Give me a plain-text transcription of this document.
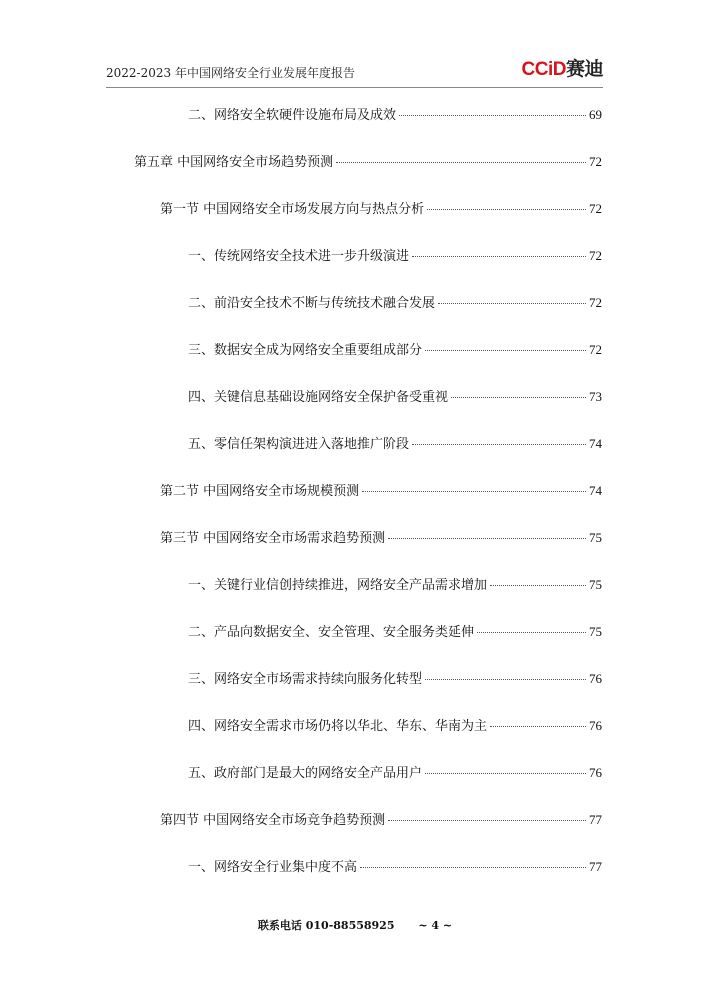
2022-2023 年中国网络安全行业发展年度报告	CCiD赛迪
二、网络安全软硬件设施布局及成效	69
第五章 中国网络安全市场趋势预测	72
第一节 中国网络安全市场发展方向与热点分析	72
一、传统网络安全技术进一步升级演进	72
二、前沿安全技术不断与传统技术融合发展	72
三、数据安全成为网络安全重要组成部分	72
四、关键信息基础设施网络安全保护备受重视	73
五、零信任架构演进进入落地推广阶段	74
第二节 中国网络安全市场规模预测	74
第三节 中国网络安全市场需求趋势预测	75
一、关键行业信创持续推进，网络安全产品需求增加	75
二、产品向数据安全、安全管理、安全服务类延伸	75
三、网络安全市场需求持续向服务化转型	76
四、网络安全需求市场仍将以华北、华东、华南为主	76
五、政府部门是最大的网络安全产品用户	76
第四节 中国网络安全市场竞争趋势预测	77
一、网络安全行业集中度不高	77
联系电话 010-88558925 ~ 4 ~
